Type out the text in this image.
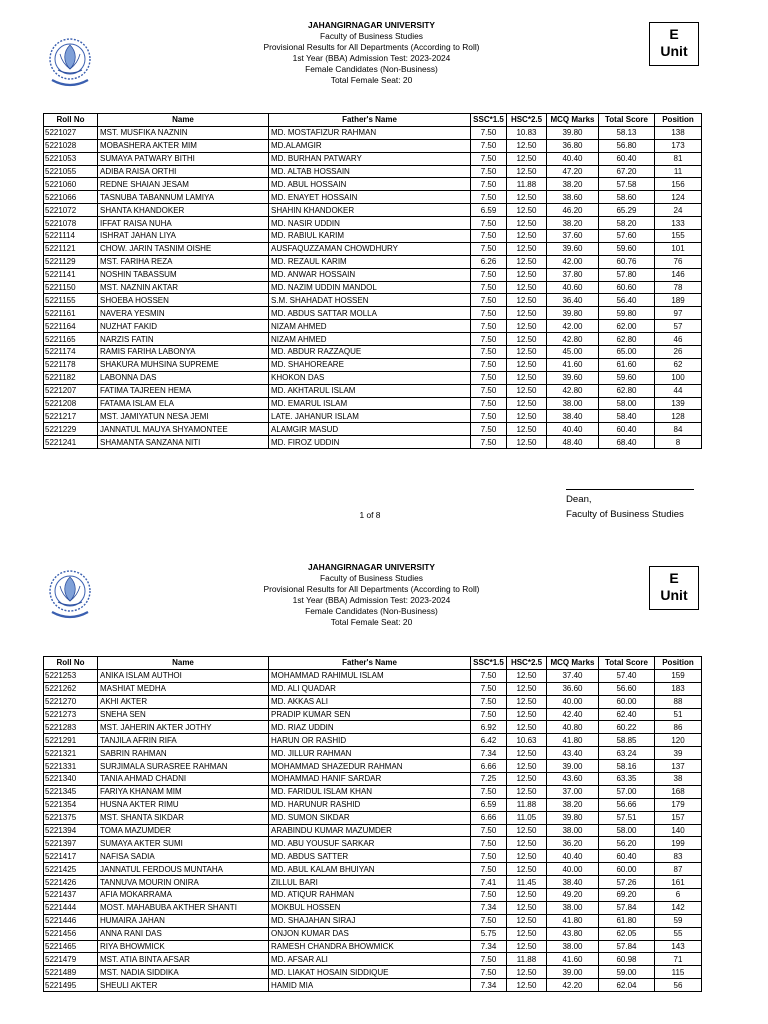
JAHANGIRNAGAR UNIVERSITY
Faculty of Business Studies
Provisional Results for All Departments (According to Roll)
1st Year (BBA) Admission Test: 2023-2024
Female Candidates (Non-Business)
Total Female Seat: 20
E
Unit
Roll No	Name	Father's Name	SSC*1.5	HSC*2.5	MCQ Marks	Total Score	Position
5221027	MST. MUSFIKA NAZNIN	MD. MOSTAFIZUR RAHMAN	7.50	10.83	39.80	58.13	138
5221028	MOBASHERA AKTER MIM	MD.ALAMGIR	7.50	12.50	36.80	56.80	173
5221053	SUMAYA PATWARY BITHI	MD. BURHAN PATWARY	7.50	12.50	40.40	60.40	81
5221055	ADIBA RAISA ORTHI	MD. ALTAB HOSSAIN	7.50	12.50	47.20	67.20	11
5221060	REDNE SHAIAN JESAM	MD. ABUL HOSSAIN	7.50	11.88	38.20	57.58	156
5221066	TASNUBA TABANNUM LAMIYA	MD. ENAYET HOSSAIN	7.50	12.50	38.60	58.60	124
5221072	SHANTA KHANDOKER	SHAHIN KHANDOKER	6.59	12.50	46.20	65.29	24
5221078	IFFAT RAISA NUHA	MD. NASIR UDDIN	7.50	12.50	38.20	58.20	133
5221114	ISHRAT JAHAN LIYA	MD. RABIUL KARIM	7.50	12.50	37.60	57.60	155
5221121	CHOW. JARIN TASNIM OISHE	AUSFAQUZZAMAN CHOWDHURY	7.50	12.50	39.60	59.60	101
5221129	MST. FARIHA REZA	MD. REZAUL KARIM	6.26	12.50	42.00	60.76	76
5221141	NOSHIN TABASSUM	MD. ANWAR HOSSAIN	7.50	12.50	37.80	57.80	146
5221150	MST. NAZNIN AKTAR	MD. NAZIM UDDIN MANDOL	7.50	12.50	40.60	60.60	78
5221155	SHOEBA HOSSEN	S.M. SHAHADAT HOSSEN	7.50	12.50	36.40	56.40	189
5221161	NAVERA YESMIN	MD. ABDUS SATTAR MOLLA	7.50	12.50	39.80	59.80	97
5221164	NUZHAT FAKID	NIZAM AHMED	7.50	12.50	42.00	62.00	57
5221165	NARZIS FATIN	NIZAM AHMED	7.50	12.50	42.80	62.80	46
5221174	RAMIS FARIHA LABONYA	MD. ABDUR RAZZAQUE	7.50	12.50	45.00	65.00	26
5221178	SHAKURA MUHSINA SUPREME	MD. SHAHOREARE	7.50	12.50	41.60	61.60	62
5221182	LABONNA DAS	KHOKON DAS	7.50	12.50	39.60	59.60	100
5221207	FATIMA TAJREEN HEMA	MD. AKHTARUL ISLAM	7.50	12.50	42.80	62.80	44
5221208	FATAMA ISLAM ELA	MD. EMARUL ISLAM	7.50	12.50	38.00	58.00	139
5221217	MST. JAMIYATUN NESA JEMI	LATE. JAHANUR ISLAM	7.50	12.50	38.40	58.40	128
5221229	JANNATUL MAUYA SHYAMONTEE	ALAMGIR MASUD	7.50	12.50	40.40	60.40	84
5221241	SHAMANTA SANZANA NITI	MD. FIROZ UDDIN	7.50	12.50	48.40	68.40	8
1 of 8
Dean,
Faculty of Business Studies
JAHANGIRNAGAR UNIVERSITY
Faculty of Business Studies
Provisional Results for All Departments (According to Roll)
1st Year (BBA) Admission Test: 2023-2024
Female Candidates (Non-Business)
Total Female Seat: 20
E
Unit
Roll No	Name	Father's Name	SSC*1.5	HSC*2.5	MCQ Marks	Total Score	Position
5221253	ANIKA ISLAM AUTHOI	MOHAMMAD RAHIMUL ISLAM	7.50	12.50	37.40	57.40	159
5221262	MASHIAT MEDHA	MD. ALI QUADAR	7.50	12.50	36.60	56.60	183
5221270	AKHI AKTER	MD. AKKAS ALI	7.50	12.50	40.00	60.00	88
5221273	SNEHA SEN	PRADIP KUMAR SEN	7.50	12.50	42.40	62.40	51
5221283	MST. JAHERIN AKTER JOTHY	MD. RIAZ UDDIN	6.92	12.50	40.80	60.22	86
5221291	TANJILA AFRIN RIFA	HARUN OR RASHID	6.42	10.63	41.80	58.85	120
5221321	SABRIN RAHMAN	MD. JILLUR RAHMAN	7.34	12.50	43.40	63.24	39
5221331	SURJIMALA SURASREE RAHMAN	MOHAMMAD SHAZEDUR RAHMAN	6.66	12.50	39.00	58.16	137
5221340	TANIA AHMAD CHADNI	MOHAMMAD HANIF SARDAR	7.25	12.50	43.60	63.35	38
5221345	FARIYA KHANAM MIM	MD. FARIDUL ISLAM KHAN	7.50	12.50	37.00	57.00	168
5221354	HUSNA AKTER RIMU	MD. HARUNUR RASHID	6.59	11.88	38.20	56.66	179
5221375	MST. SHANTA SIKDAR	MD. SUMON SIKDAR	6.66	11.05	39.80	57.51	157
5221394	TOMA MAZUMDER	ARABINDU KUMAR MAZUMDER	7.50	12.50	38.00	58.00	140
5221397	SUMAYA AKTER SUMI	MD. ABU YOUSUF SARKAR	7.50	12.50	36.20	56.20	199
5221417	NAFISA SADIA	MD. ABDUS SATTER	7.50	12.50	40.40	60.40	83
5221425	JANNATUL FERDOUS MUNTAHA	MD. ABUL KALAM BHUIYAN	7.50	12.50	40.00	60.00	87
5221426	TANNUVA MOURIN ONIRA	ZILLUL BARI	7.41	11.45	38.40	57.26	161
5221437	AFIA MOKARRAMA	MD. ATIQUR RAHMAN	7.50	12.50	49.20	69.20	6
5221444	MOST. MAHABUBA AKTHER SHANTI	MOKBUL HOSSEN	7.34	12.50	38.00	57.84	142
5221446	HUMAIRA JAHAN	MD. SHAJAHAN SIRAJ	7.50	12.50	41.80	61.80	59
5221456	ANNA RANI DAS	ONJON KUMAR DAS	5.75	12.50	43.80	62.05	55
5221465	RIYA BHOWMICK	RAMESH CHANDRA BHOWMICK	7.34	12.50	38.00	57.84	143
5221479	MST. ATIA BINTA AFSAR	MD. AFSAR ALI	7.50	11.88	41.60	60.98	71
5221489	MST. NADIA SIDDIKA	MD. LIAKAT HOSAIN SIDDIQUE	7.50	12.50	39.00	59.00	115
5221495	SHEULI AKTER	HAMID MIA	7.34	12.50	42.20	62.04	56
